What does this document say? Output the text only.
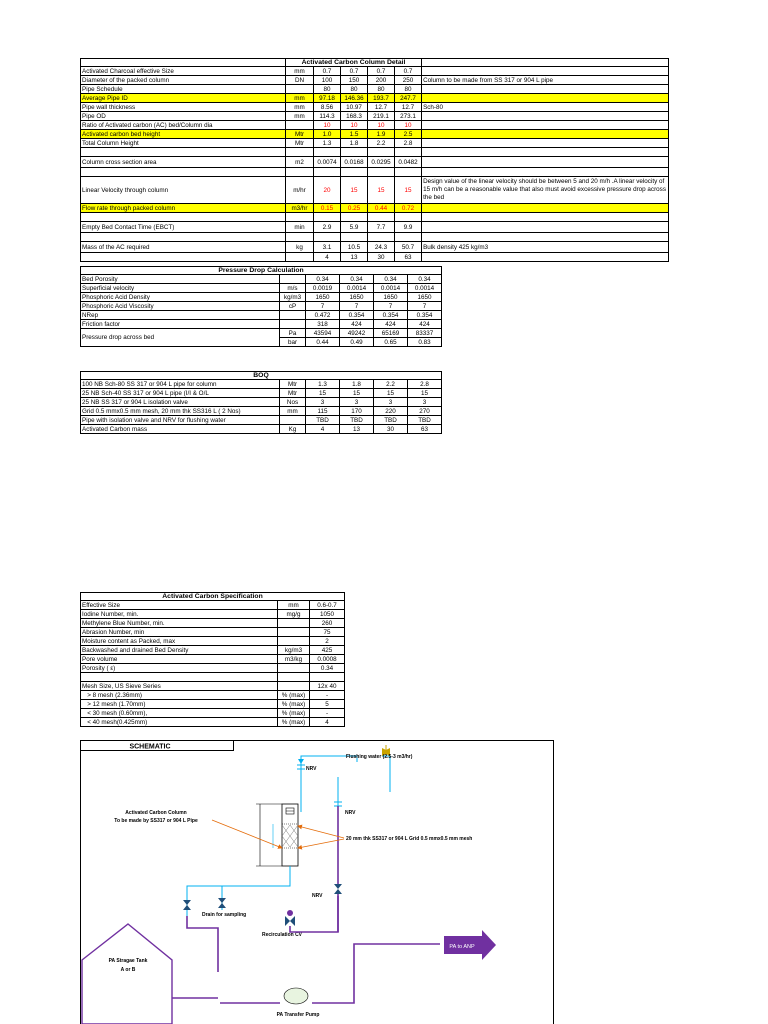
	Activated Carbon Column Detail					
Activated Charcoal effective Size	mm	0.7	0.7	0.7	0.7	
Diameter of the packed column	DN	100	150	200	250	Column to be made from SS 317 or 904 L pipe
Pipe Schedule		80	80	80	80	
Average Pipe ID	mm	97.18	146.36	193.7	247.7	
Pipe wall thickness	mm	8.56	10.97	12.7	12.7	Sch-80
Pipe OD	mm	114.3	168.3	219.1	273.1	
Ratio of Activated carbon (AC) bed/Column dia		10	10	10	10	
Activated carbon bed height	Mtr	1.0	1.5	1.9	2.5	
Total Column Height	Mtr	1.3	1.8	2.2	2.8	

Column cross section area	m2	0.0074	0.0168	0.0295	0.0482	

Linear Velocity through column	m/hr	20	15	15	15	Design value of the linear velocity should be between 5 and 20 m/h .A linear velocity of 15 m/h can be a reasonable value that also must avoid excessive pressure drop across the bed
Flow rate through packed column	m3/hr	0.15	0.25	0.44	0.72	

Empty Bed Contact Time (EBCT)	min	2.9	5.9	7.7	9.9	

Mass of the AC required	kg	3.1	10.5	24.3	50.7	Bulk density 425 kg/m3
		4	13	30	63	
Pressure Drop Calculation					
Bed Porosity		0.34	0.34	0.34	0.34
Superficial velocity	m/s	0.0019	0.0014	0.0014	0.0014
Phosphoric Acid Density	kg/m3	1650	1650	1650	1650
Phosphoric Acid Viscosity	cP	7	7	7	7
NRep		0.472	0.354	0.354	0.354
Friction factor		318	424	424	424
Pressure drop across bed	Pa	43594	49242	65169	83337
	bar	0.44	0.49	0.65	0.83
BOQ					
100 NB Sch-80 SS 317 or 904 L pipe for column	Mtr	1.3	1.8	2.2	2.8
25 NB Sch-40 SS 317 or 904 L pipe (I/I & O/L	Mtr	15	15	15	15
25 NB SS 317 or 904 L isolation valve	Nos	3	3	3	3
Grid 0.5 mmx0.5 mm mesh, 20 mm thk SS316 L ( 2 Nos)	mm	115	170	220	270
Pipe with isolation valve and NRV for flushing water		TBD	TBD	TBD	TBD
Activated Carbon mass	Kg	4	13	30	63
Activated Carbon Specification		
Effective Size	mm	0.6-0.7
Iodine Number, min.	mg/g	1050
Methylene Blue Number, min.		260
Abrasion Number, min		75
Moisture content as Packed, max		2
Backwashed and drained Bed Density	kg/m3	425
Pore volume	m3/kg	0.0008
Porosity ( ε)		0.34

Mesh Size, US Sieve Series		12x 40
> 8 mesh (2.36mm)	% (max)	-
> 12 mesh (1.70mm)	% (max)	5
< 30 mesh (0.60mm),	% (max)	-
< 40 mesh(0.425mm)	% (max)	4
SCHEMATIC
Flushing water (2.5-3 m3/hr)
NRV
NRV
NRV
Drain for sampling
Recirculation CV
PA to ANP
PA Stragae Tank
A or B
PA Transfer Pump
Activated Carbon Column
To be made by SS317 or 904 L Pipe
20 mm thk SS317 or 904 L Grid 0.5 mmx0.5 mm mesh
